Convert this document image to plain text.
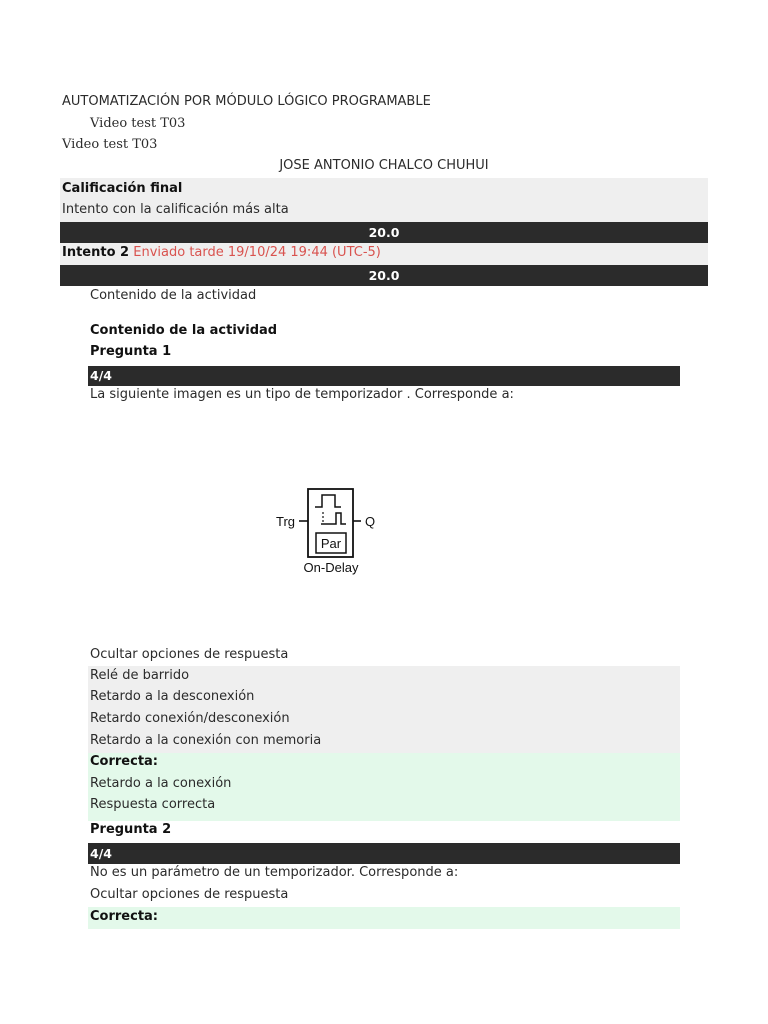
AUTOMATIZACIÓN POR MÓDULO LÓGICO PROGRAMABLE
Video test T03
Video test T03
JOSE ANTONIO CHALCO CHUHUI
Calificación final
Intento con la calificación más alta
20.0
Intento 2 Enviado tarde 19/10/24 19:44 (UTC-5)
20.0
Contenido de la actividad
Contenido de la actividad
Pregunta 1
4/4
La siguiente imagen es un tipo de temporizador . Corresponde a:
Trg
Par
Q
On-Delay
Ocultar opciones de respuesta
Relé de barrido
Retardo a la desconexión
Retardo conexión/desconexión
Retardo a la conexión con memoria
Correcta:
Retardo a la conexión
Respuesta correcta
Pregunta 2
4/4
No es un parámetro de un temporizador. Corresponde a:
Ocultar opciones de respuesta
Correcta:
